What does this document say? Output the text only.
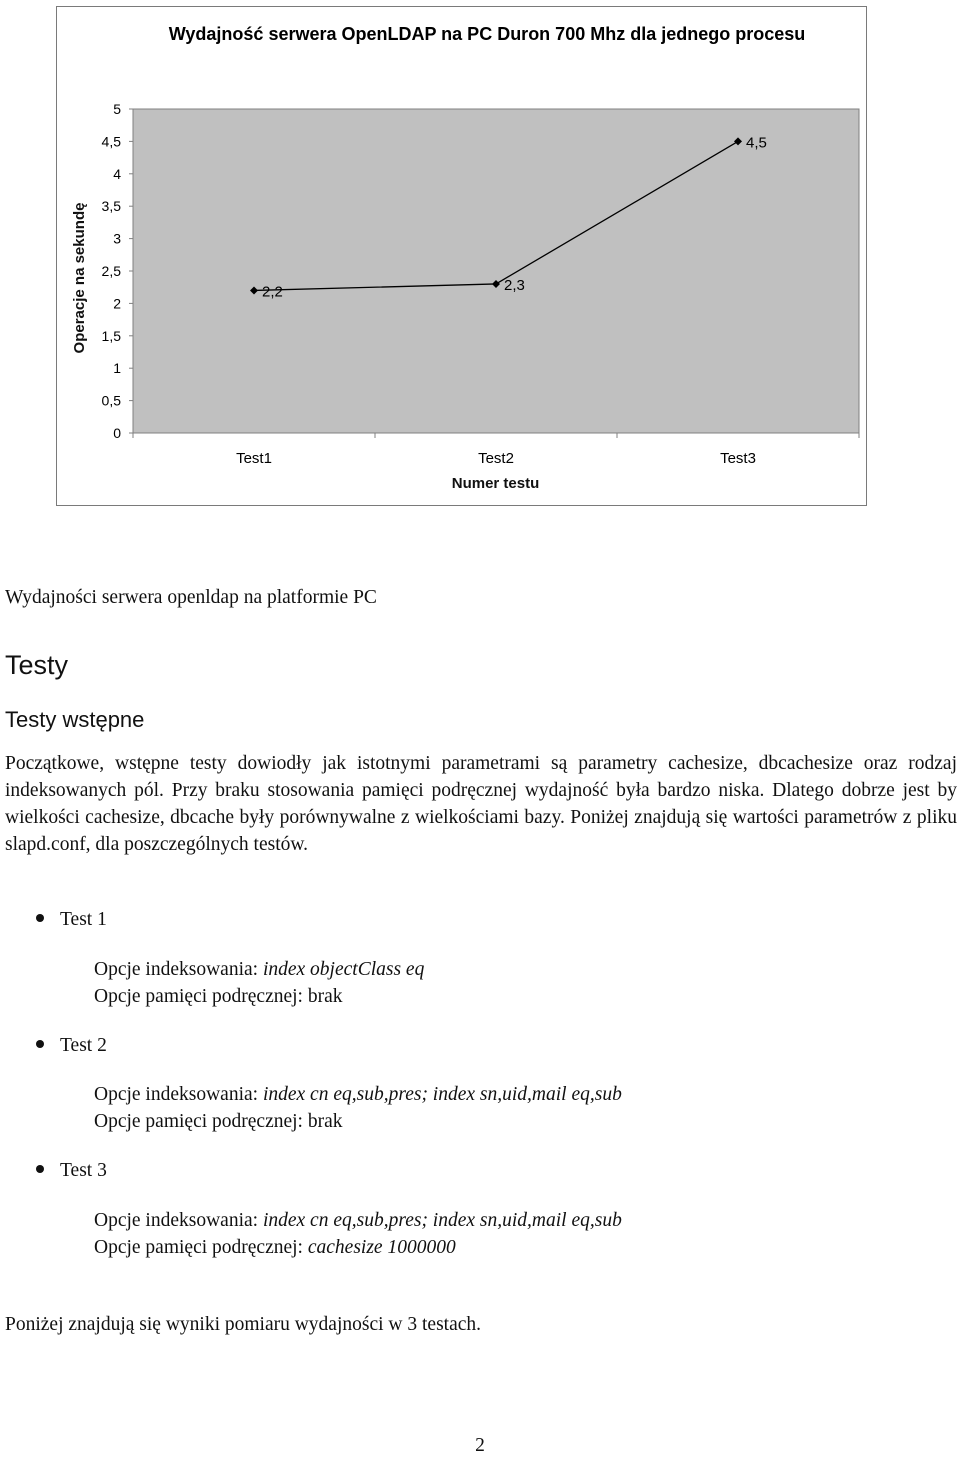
0
0,5
1
1,5
2
2,5
3
3,5
4
4,5
5
Test1	Test2	Test3
2,2	2,3
4,5
Wydajność serwera OpenLDAP na PC Duron 700 Mhz dla jednego procesu
Operacje na sekundę
Numer testu
Wydajności serwera openldap na platformie PC
Testy
Testy wstępne
Początkowe, wstępne testy dowiodły jak istotnymi parametrami są parametry cachesize, dbcachesize oraz rodzaj indeksowanych pól. Przy braku stosowania pamięci podręcznej wydajność była bardzo niska. Dlatego dobrze jest by wielkości cachesize, dbcache były porównywalne z wielkościami bazy. Poniżej znajdują się wartości parametrów z pliku slapd.conf, dla poszczególnych testów.
Test 1
Opcje indeksowania: index objectClass eq
Opcje pamięci podręcznej: brak
Test 2
Opcje indeksowania: index cn eq,sub,pres; index sn,uid,mail eq,sub
Opcje pamięci podręcznej: brak
Test 3
Opcje indeksowania: index cn eq,sub,pres; index sn,uid,mail eq,sub
Opcje pamięci podręcznej: cachesize 1000000
Poniżej znajdują się wyniki pomiaru wydajności w 3 testach.
2
